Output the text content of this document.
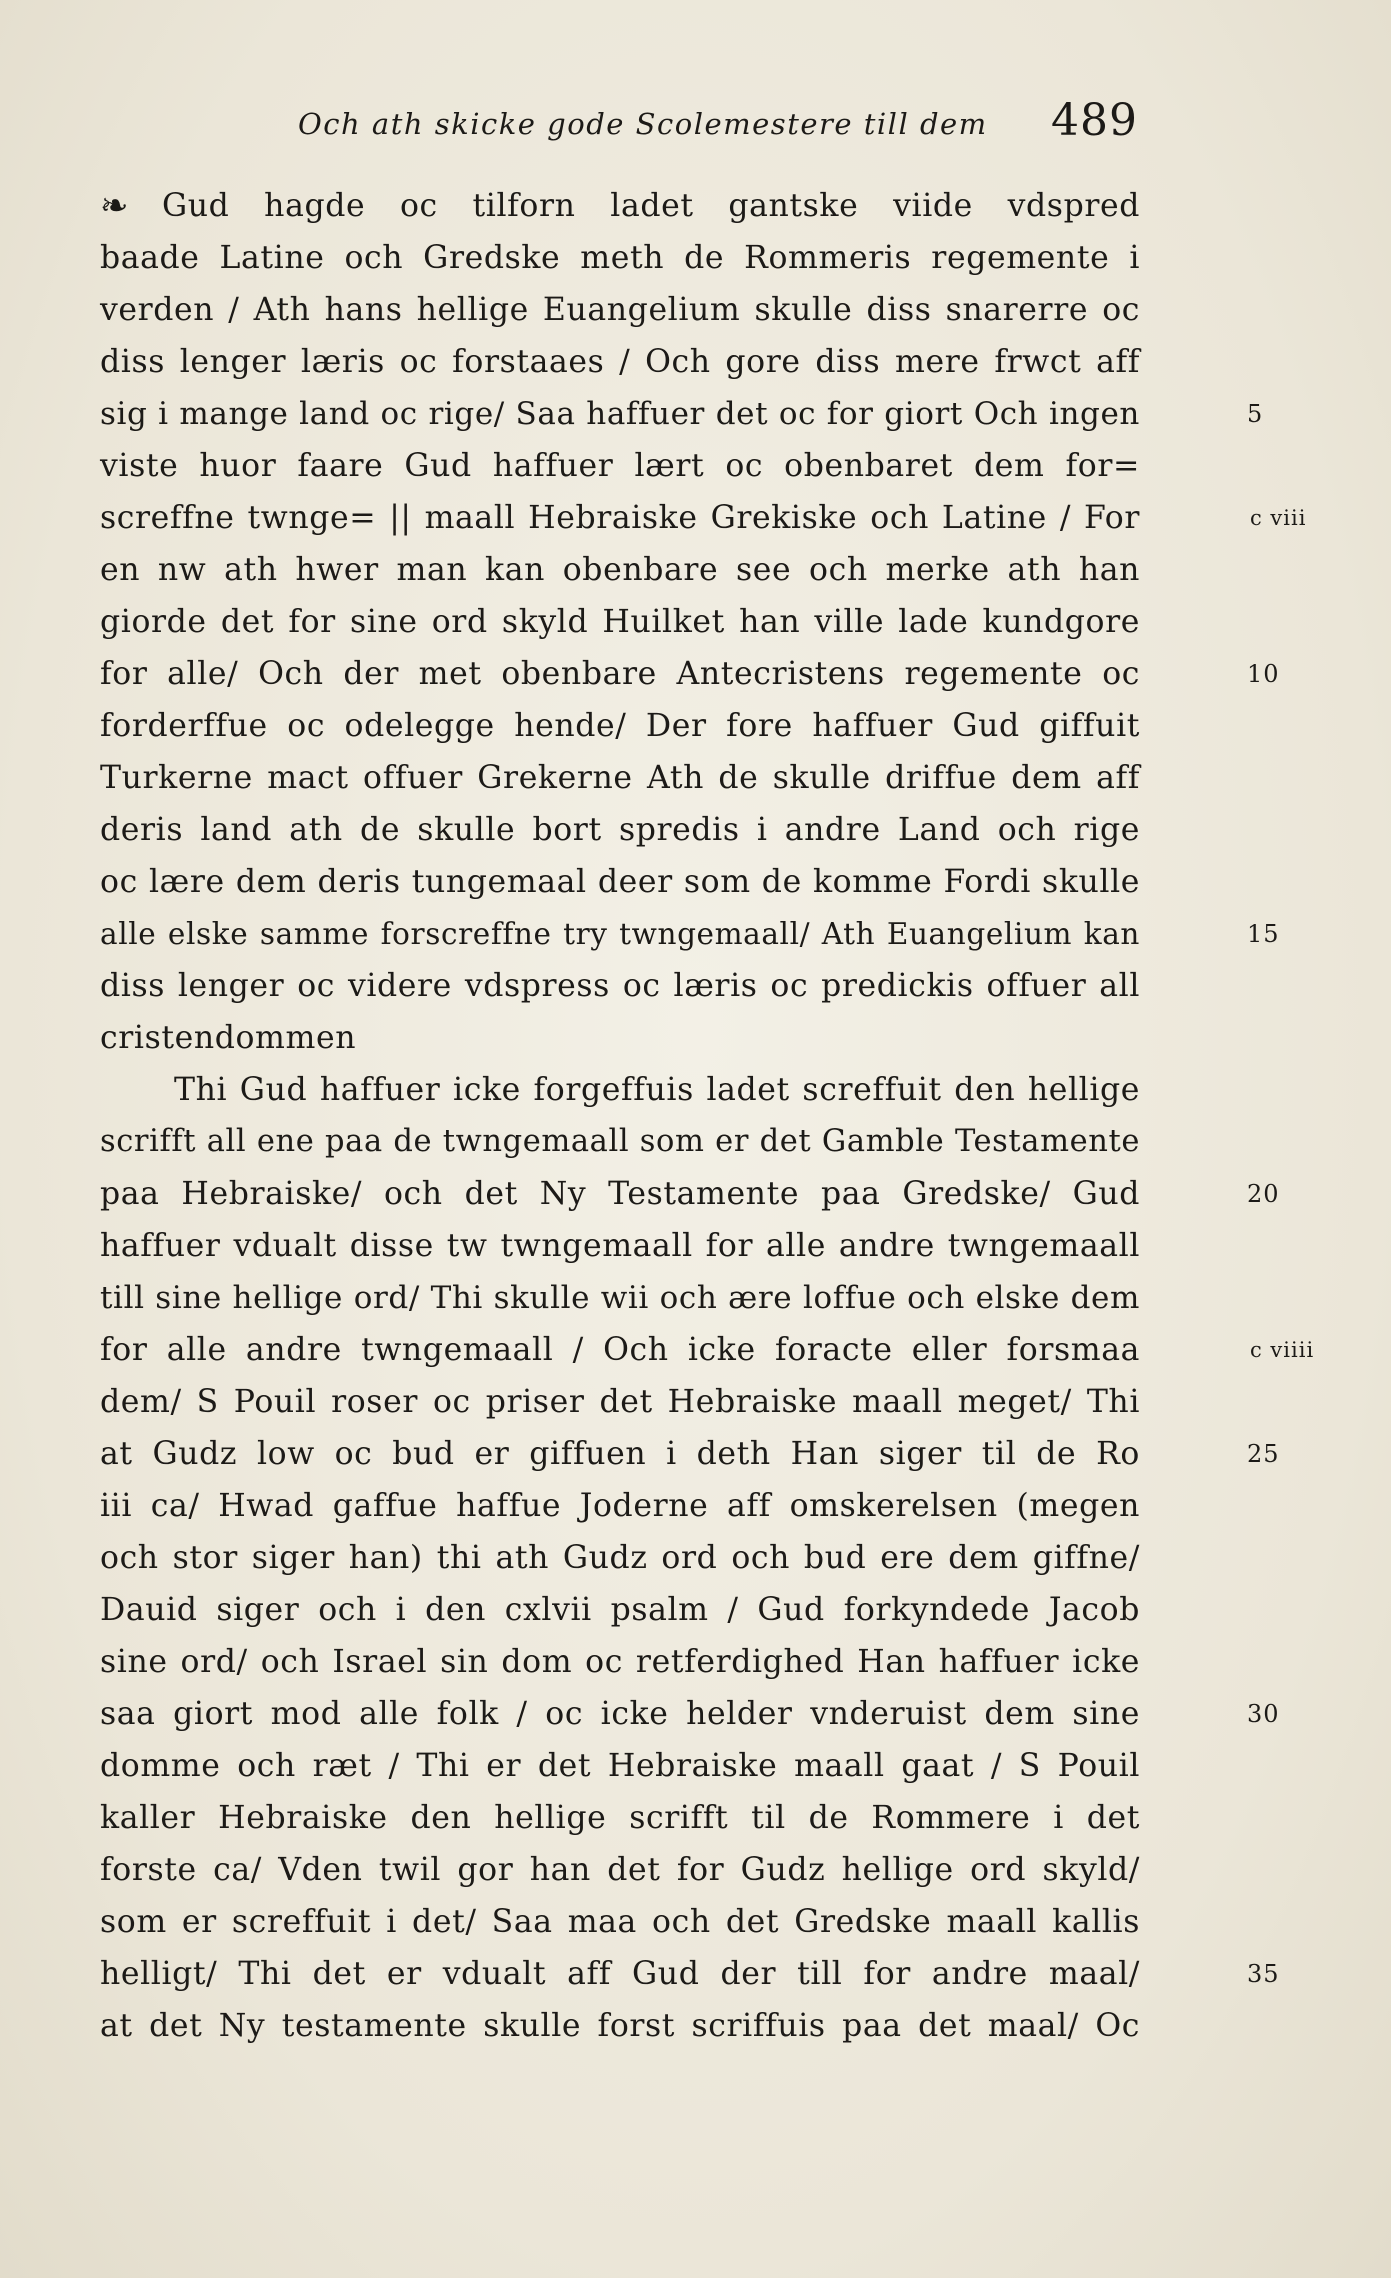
Och ath skicke gode Scolemestere till dem 489
❧ Gud hagde oc tilforn ladet gantske viide vdspred
baade Latine och Gredske meth de Rommeris regemente i
verden / Ath hans hellige Euangelium skulle diss snarerre oc
diss lenger læris oc forstaaes / Och gore diss mere frwct aff
sig i mange land oc rige/ Saa haffuer det oc for giort Och ingen	5
viste huor faare Gud haffuer lært oc obenbaret dem for=
screffne twnge= || maall Hebraiske Grekiske och Latine / For	c viii
en nw ath hwer man kan obenbare see och merke ath han
giorde det for sine ord skyld Huilket han ville lade kundgore
for alle/ Och der met obenbare Antecristens regemente oc	10
forderffue oc odelegge hende/ Der fore haffuer Gud giffuit
Turkerne mact offuer Grekerne Ath de skulle driffue dem aff
deris land ath de skulle bort spredis i andre Land och rige
oc lære dem deris tungemaal deer som de komme Fordi skulle
alle elske samme forscreffne try twngemaall/ Ath Euangelium kan	15
diss lenger oc videre vdspress oc læris oc predickis offuer all
cristendommen
Thi Gud haffuer icke forgeffuis ladet screffuit den hellige
scrifft all ene paa de twngemaall som er det Gamble Testamente
paa Hebraiske/ och det Ny Testamente paa Gredske/ Gud	20
haffuer vdualt disse tw twngemaall for alle andre twngemaall
till sine hellige ord/ Thi skulle wii och ære loffue och elske dem
for alle andre twngemaall / Och icke foracte eller forsmaa	c viiii
dem/ S Pouil roser oc priser det Hebraiske maall meget/ Thi
at Gudz low oc bud er giffuen i deth Han siger til de Ro	25
iii ca/ Hwad gaffue haffue Joderne aff omskerelsen (megen
och stor siger han) thi ath Gudz ord och bud ere dem giffne/
Dauid siger och i den cxlvii psalm / Gud forkyndede Jacob
sine ord/ och Israel sin dom oc retferdighed Han haffuer icke
saa giort mod alle folk / oc icke helder vnderuist dem sine	30
domme och ræt / Thi er det Hebraiske maall gaat / S Pouil
kaller Hebraiske den hellige scrifft til de Rommere i det
forste ca/ Vden twil gor han det for Gudz hellige ord skyld/
som er screffuit i det/ Saa maa och det Gredske maall kallis
helligt/ Thi det er vdualt aff Gud der till for andre maal/	35
at det Ny testamente skulle forst scriffuis paa det maal/ Oc
